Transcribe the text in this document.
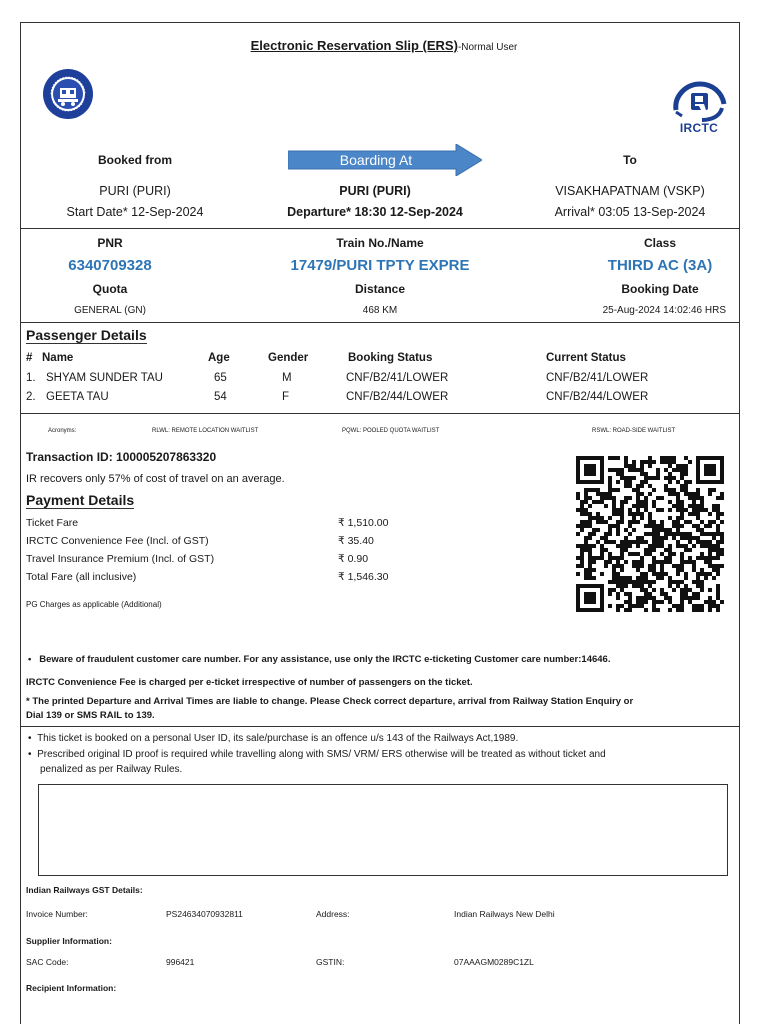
Electronic Reservation Slip (ERS)-Normal User
IRCTC
Booked from	Boarding At	To
PURI (PURI)	PURI (PURI)	VISAKHAPATNAM (VSKP)
Start Date* 12-Sep-2024	Departure* 18:30 12-Sep-2024	Arrival* 03:05 13-Sep-2024
PNR	Train No./Name	Class
6340709328	17479/PURI TPTY EXPRE	THIRD AC (3A)
Quota	Distance	Booking Date
GENERAL (GN)	468 KM	25-Aug-2024 14:02:46 HRS
Passenger Details
# Name	Age	Gender	Booking Status	Current Status
1. SHYAM SUNDER TAU	65	M	CNF/B2/41/LOWER	CNF/B2/41/LOWER
2. GEETA TAU	54	F	CNF/B2/44/LOWER	CNF/B2/44/LOWER
Acronyms:	RLWL: REMOTE LOCATION WAITLIST	PQWL: POOLED QUOTA WAITLIST	RSWL: ROAD-SIDE WAITLIST
Transaction ID: 100005207863320
IR recovers only 57% of cost of travel on an average.
Payment Details
Ticket Fare	₹ 1,510.00
IRCTC Convenience Fee (Incl. of GST)	₹ 35.40
Travel Insurance Premium (Incl. of GST)	₹ 0.90
Total Fare (all inclusive)	₹ 1,546.30
PG Charges as applicable (Additional)
•   Beware of fraudulent customer care number. For any assistance, use only the IRCTC e-ticketing Customer care number:14646.
IRCTC Convenience Fee is charged per e-ticket irrespective of number of passengers on the ticket.
* The printed Departure and Arrival Times are liable to change. Please Check correct departure, arrival from Railway Station Enquiry or
Dial 139 or SMS RAIL to 139.
•  This ticket is booked on a personal User ID, its sale/purchase is an offence u/s 143 of the Railways Act,1989.
•  Prescribed original ID proof is required while travelling along with SMS/ VRM/ ERS otherwise will be treated as without ticket and
penalized as per Railway Rules.
Indian Railways GST Details:
Invoice Number:	PS24634070932811	Address:	Indian Railways New Delhi
Supplier Information:
SAC Code:	996421	GSTIN:	07AAAGM0289C1ZL
Recipient Information:
